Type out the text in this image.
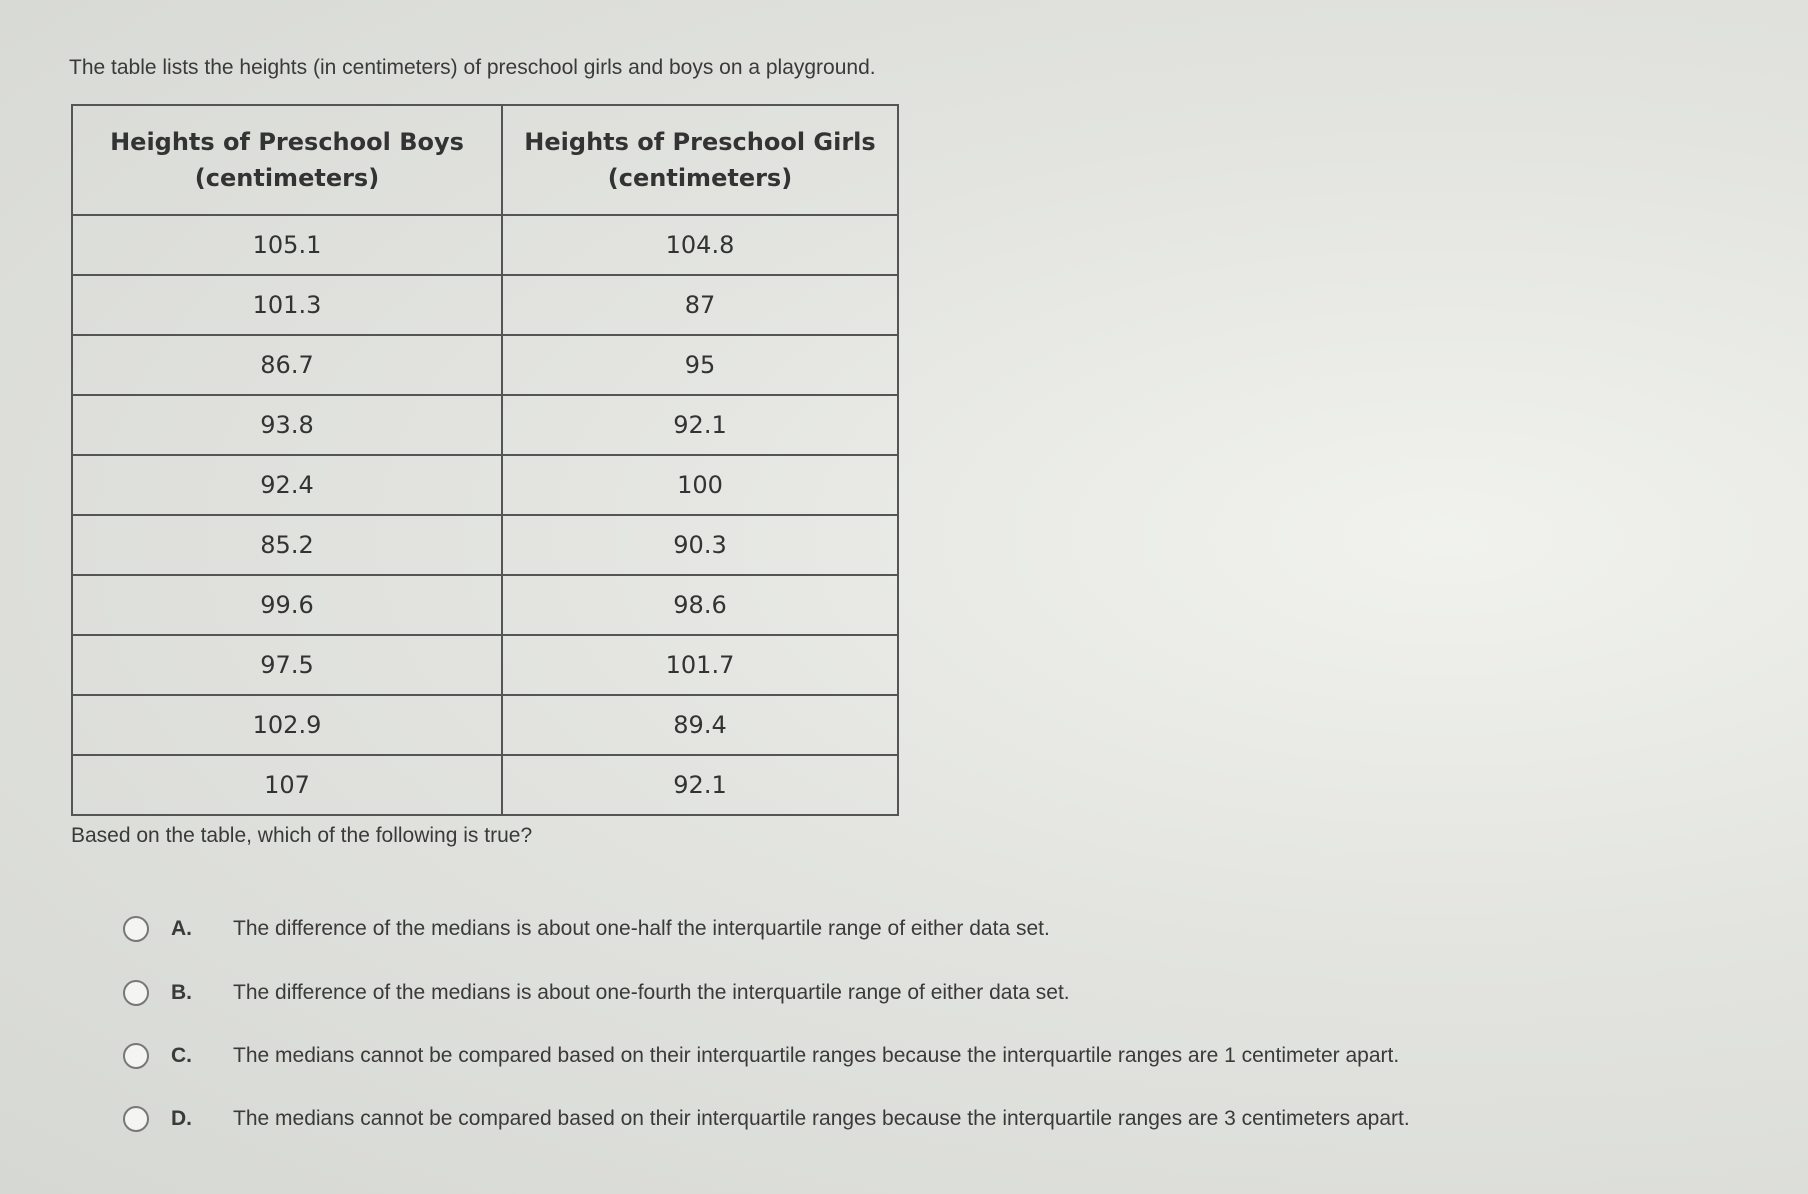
The table lists the heights (in centimeters) of preschool girls and boys on a playground.
Heights of Preschool Boys (centimeters)	Heights of Preschool Girls (centimeters)
105.1	104.8
101.3	87
86.7	95
93.8	92.1
92.4	100
85.2	90.3
99.6	98.6
97.5	101.7
102.9	89.4
107	92.1
Based on the table, which of the following is true?
A.	The difference of the medians is about one-half the interquartile range of either data set.
B.	The difference of the medians is about one-fourth the interquartile range of either data set.
C.	The medians cannot be compared based on their interquartile ranges because the interquartile ranges are 1 centimeter apart.
D.	The medians cannot be compared based on their interquartile ranges because the interquartile ranges are 3 centimeters apart.
